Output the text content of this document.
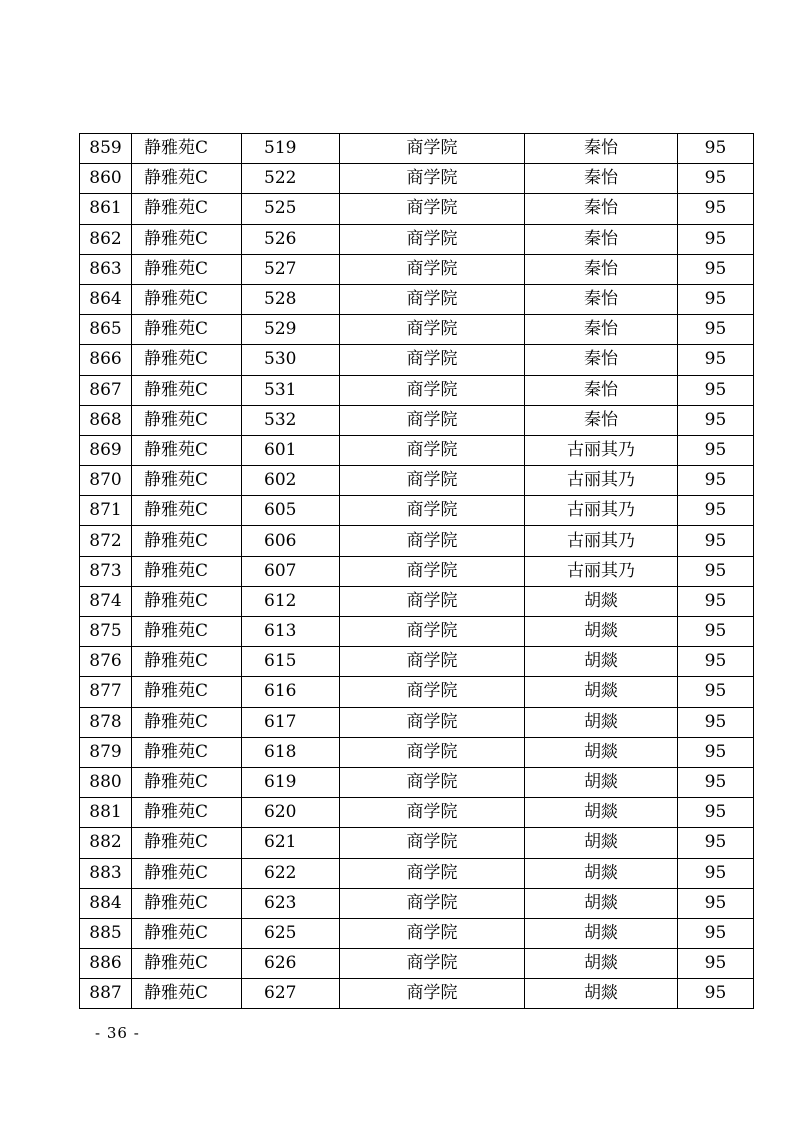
859	静雅苑C	519	商学院	秦怡	95
860	静雅苑C	522	商学院	秦怡	95
861	静雅苑C	525	商学院	秦怡	95
862	静雅苑C	526	商学院	秦怡	95
863	静雅苑C	527	商学院	秦怡	95
864	静雅苑C	528	商学院	秦怡	95
865	静雅苑C	529	商学院	秦怡	95
866	静雅苑C	530	商学院	秦怡	95
867	静雅苑C	531	商学院	秦怡	95
868	静雅苑C	532	商学院	秦怡	95
869	静雅苑C	601	商学院	古丽其乃	95
870	静雅苑C	602	商学院	古丽其乃	95
871	静雅苑C	605	商学院	古丽其乃	95
872	静雅苑C	606	商学院	古丽其乃	95
873	静雅苑C	607	商学院	古丽其乃	95
874	静雅苑C	612	商学院	胡燚	95
875	静雅苑C	613	商学院	胡燚	95
876	静雅苑C	615	商学院	胡燚	95
877	静雅苑C	616	商学院	胡燚	95
878	静雅苑C	617	商学院	胡燚	95
879	静雅苑C	618	商学院	胡燚	95
880	静雅苑C	619	商学院	胡燚	95
881	静雅苑C	620	商学院	胡燚	95
882	静雅苑C	621	商学院	胡燚	95
883	静雅苑C	622	商学院	胡燚	95
884	静雅苑C	623	商学院	胡燚	95
885	静雅苑C	625	商学院	胡燚	95
886	静雅苑C	626	商学院	胡燚	95
887	静雅苑C	627	商学院	胡燚	95
- 36 -
